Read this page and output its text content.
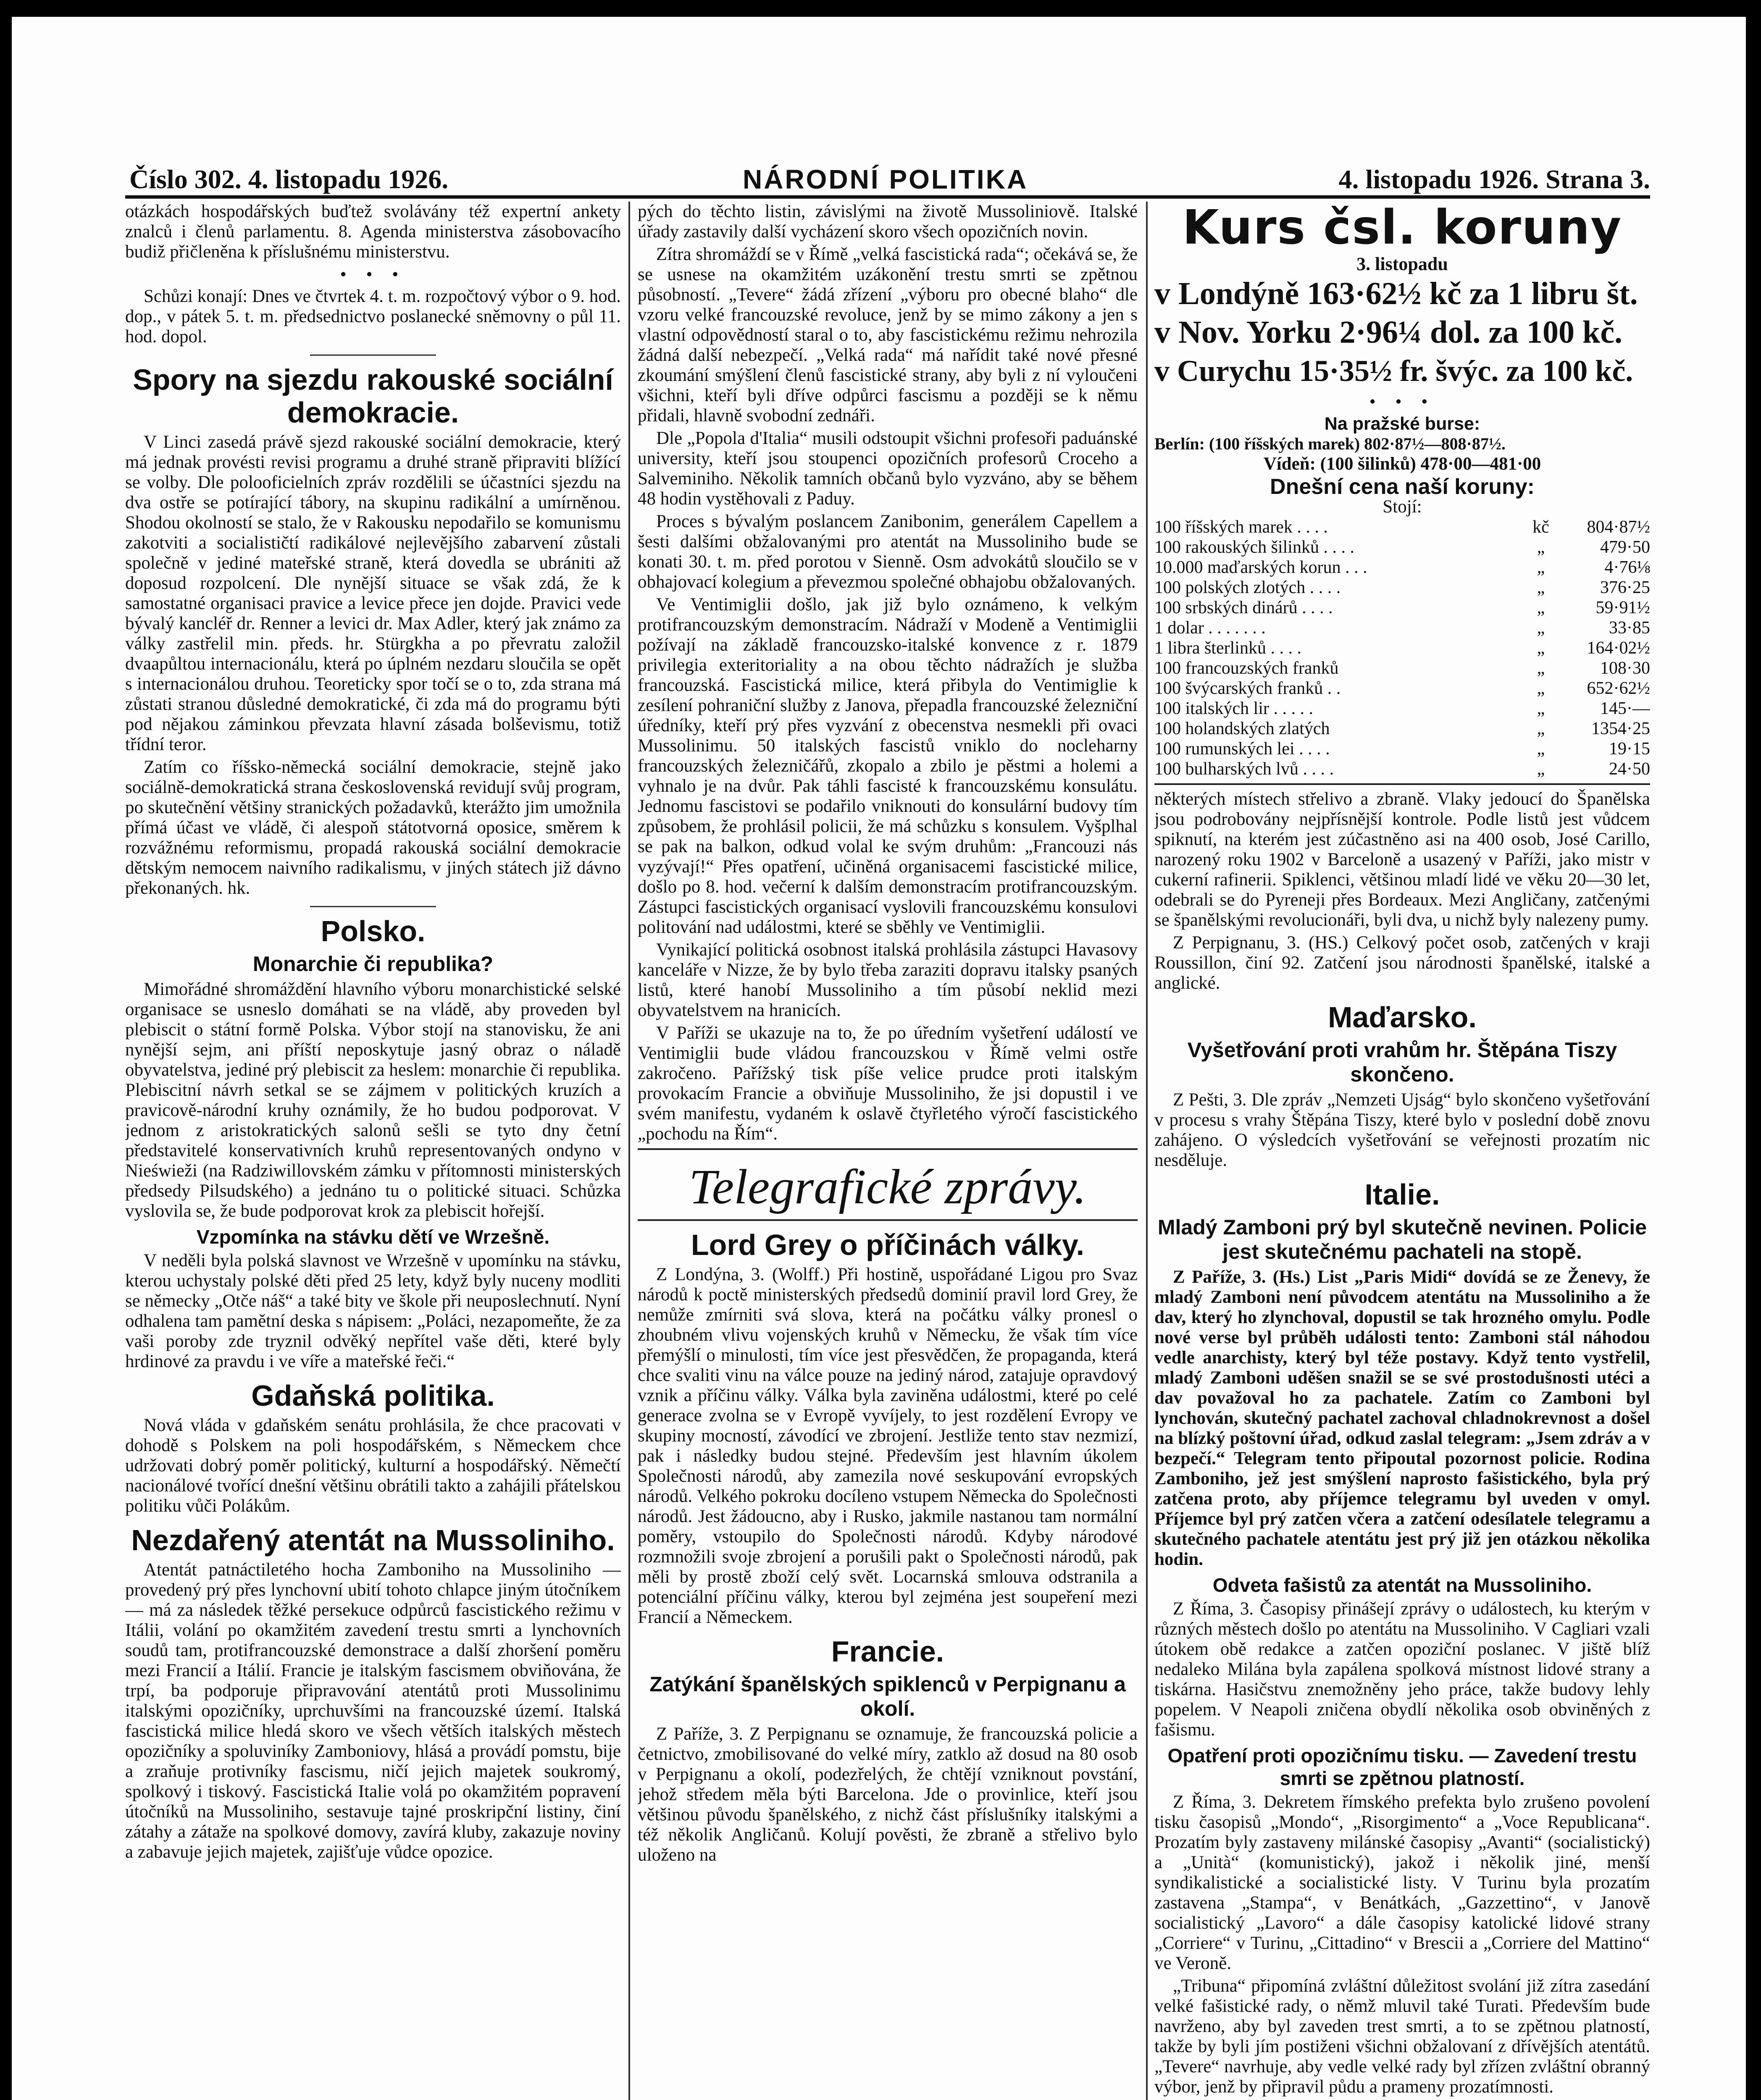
Číslo 302. 4. listopadu 1926.	NÁRODNÍ POLITIKA	4. listopadu 1926. Strana 3.

otázkách hospodářských buďtež svolávány též expertní ankety znalců i členů parlamentu. 8. Agenda ministerstva zásobovacího budiž přičleněna k příslušnému ministerstvu.

• • •

Schůzi konají: Dnes ve čtvrtek 4. t. m. rozpočtový výbor o 9. hod. dop., v pátek 5. t. m. předsednictvo poslanecké sněmovny o půl 11. hod. dopol.

Spory na sjezdu rakouské sociální demokracie.

V Linci zasedá právě sjezd rakouské sociální demokracie, který má jednak provésti revisi programu a druhé straně připraviti blížící se volby. Dle polooficielních zpráv rozdělili se účastníci sjezdu na dva ostře se potírající tábory, na skupinu radikální a umírněnou. Shodou okolností se stalo, že v Rakousku nepodařilo se komunismu zakotviti a socialističtí radikálové nejlevějšího zabarvení zůstali společně v jediné mateřské straně, která dovedla se ubrániti až doposud rozpolcení. Dle nynější situace se však zdá, že k samostatné organisaci pravice a levice přece jen dojde. Pravici vede bývalý kancléř dr. Renner a levici dr. Max Adler, který jak známo za války zastřelil min. předs. hr. Stürgkha a po převratu založil dvaapůltou internacionálu, která po úplném nezdaru sloučila se opět s internacionálou druhou. Teoreticky spor točí se o to, zda strana má zůstati stranou důsledné demokratické, či zda má do programu býti pod nějakou záminkou převzata hlavní zásada bolševismu, totiž třídní teror.

Zatím co říšsko-německá sociální demokracie, stejně jako sociálně-demokratická strana československá revidují svůj program, po skutečnění většiny stranických požadavků, kterážto jim umožnila přímá účast ve vládě, či alespoň státotvorná oposice, směrem k rozvážnému reformismu, propadá rakouská sociální demokracie dětským nemocem naivního radikalismu, v jiných státech již dávno překonaných. hk.

Polsko.
Monarchie či republika?

Mimořádné shromáždění hlavního výboru monarchistické selské organisace se usneslo domáhati se na vládě, aby proveden byl plebiscit o státní formě Polska. Výbor stojí na stanovisku, že ani nynější sejm, ani příští neposkytuje jasný obraz o náladě obyvatelstva, jediné prý plebiscit za heslem: monarchie či republika. Plebiscitní návrh setkal se se zájmem v politických kruzích a pravicově-národní kruhy oznámily, že ho budou podporovat. V jednom z aristokratických salonů sešli se tyto dny četní představitelé konservativních kruhů representovaných ondyno v Nieświeži (na Radziwillovském zámku v přítomnosti ministerských předsedy Pilsudského) a jednáno tu o politické situaci. Schůzka vyslovila se, že bude podporovat krok za plebiscit hořejší.

Vzpomínka na stávku dětí ve Wrzešně.

V neděli byla polská slavnost ve Wrzešně v upomínku na stávku, kterou uchystaly polské děti před 25 lety, když byly nuceny modliti se německy „Otče náš“ a také bity ve škole při neuposlechnutí. Nyní odhalena tam pamětní deska s nápisem: „Poláci, nezapomeňte, že za vaši poroby zde tryznil odvěký nepřítel vaše děti, které byly hrdinové za pravdu i ve víře a mateřské řeči.“

Gdaňská politika.

Nová vláda v gdaňském senátu prohlásila, že chce pracovati v dohodě s Polskem na poli hospodářském, s Německem chce udržovati dobrý poměr politický, kulturní a hospodářský. Němečtí nacionálové tvořící dnešní většinu obrátili takto a zahájili přátelskou politiku vůči Polákům.

Nezdařený atentát na Mussoliniho.

Atentát patnáctiletého hocha Zamboniho na Mussoliniho — provedený prý přes lynchovní ubití tohoto chlapce jiným útočníkem — má za následek těžké persekuce odpůrců fascistického režimu v Itálii, volání po okamžitém zavedení trestu smrti a lynchovních soudů tam, protifrancouzské demonstrace a další zhoršení poměru mezi Francií a Itálií. Francie je italským fascismem obviňována, že trpí, ba podporuje připravování atentátů proti Mussolinimu italskými opozičníky, uprchuvšími na francouzské území. Italská fascistická milice hledá skoro ve všech větších italských městech opozičníky a spoluviníky Zamboniovy, hlásá a provádí pomstu, bije a zraňuje protivníky fascismu, ničí jejich majetek soukromý, spolkový i tiskový. Fascistická Italie volá po okamžitém popravení útočníků na Mussoliniho, sestavuje tajné proskripční listiny, činí zátahy a zátaže na spolkové domovy, zavírá kluby, zakazuje noviny a zabavuje jejich majetek, zajišťuje vůdce opozice.

pých do těchto listin, závislými na životě Mussoliniově. Italské úřady zastavily další vycházení skoro všech opozičních novin.

Zítra shromáždí se v Římě „velká fascistická rada“; očekává se, že se usnese na okamžitém uzákonění trestu smrti se zpětnou působností. „Tevere“ žádá zřízení „výboru pro obecné blaho“ dle vzoru velké francouzské revoluce, jenž by se mimo zákony a jen s vlastní odpovědností staral o to, aby fascistickému režimu nehrozila žádná další nebezpečí. „Velká rada“ má nařídit také nové přesné zkoumání smýšlení členů fascistické strany, aby byli z ní vyloučeni všichni, kteří byli dříve odpůrci fascismu a později se k němu přidali, hlavně svobodní zednáři.

Dle „Popola d'Italia“ musili odstoupit všichni profesoři paduánské university, kteří jsou stoupenci opozičních profesorů Croceho a Salveminiho. Několik tamních občanů bylo vyzváno, aby se během 48 hodin vystěhovali z Paduy.

Proces s bývalým poslancem Zanibonim, generálem Capellem a šesti dalšími obžalovanými pro atentát na Mussoliniho bude se konati 30. t. m. před porotou v Sienně. Osm advokátů sloučilo se v obhajovací kolegium a převezmou společné obhajobu obžalovaných.

Ve Ventimiglii došlo, jak již bylo oznámeno, k velkým protifrancouzským demonstracím. Nádraží v Modeně a Ventimiglii požívají na základě francouzsko-italské konvence z r. 1879 privilegia exteritoriality a na obou těchto nádražích je služba francouzská. Fascistická milice, která přibyla do Ventimiglie k zesílení pohraniční služby z Janova, přepadla francouzské železniční úředníky, kteří prý přes vyzvání z obecenstva nesmekli při ovaci Mussolinimu. 50 italských fascistů vniklo do nocleharny francouzských železničářů, zkopalo a zbilo je pěstmi a holemi a vyhnalo je na dvůr. Pak táhli fascisté k francouzskému konsulátu. Jednomu fascistovi se podařilo vniknouti do konsulární budovy tím způsobem, že prohlásil policii, že má schůzku s konsulem. Vyšplhal se pak na balkon, odkud volal ke svým druhům: „Francouzi nás vyzývají!“ Přes opatření, učiněná organisacemi fascistické milice, došlo po 8. hod. večerní k dalším demonstracím protifrancouzským. Zástupci fascistických organisací vyslovili francouzskému konsulovi politování nad událostmi, které se sběhly ve Ventimiglii.

Vynikající politická osobnost italská prohlásila zástupci Havasovy kanceláře v Nizze, že by bylo třeba zaraziti dopravu italsky psaných listů, které hanobí Mussoliniho a tím působí neklid mezi obyvatelstvem na hranicích.

V Paříži se ukazuje na to, že po úředním vyšetření událostí ve Ventimiglii bude vládou francouzskou v Římě velmi ostře zakročeno. Pařížský tisk píše velice prudce proti italským provokacím Francie a obviňuje Mussoliniho, že jsi dopustil i ve svém manifestu, vydaném k oslavě čtyřletého výročí fascistického „pochodu na Řím“.

Telegrafické zprávy.
Lord Grey o příčinách války.

Z Londýna, 3. (Wolff.) Při hostině, uspořádané Ligou pro Svaz národů k poctě ministerských předsedů dominií pravil lord Grey, že nemůže zmírniti svá slova, která na počátku války pronesl o zhoubném vlivu vojenských kruhů v Německu, že však tím více přemýšlí o minulosti, tím více jest přesvědčen, že propaganda, která chce svaliti vinu na válce pouze na jediný národ, zatajuje opravdový vznik a příčinu války. Válka byla zaviněna událostmi, které po celé generace zvolna se v Evropě vyvíjely, to jest rozdělení Evropy ve skupiny mocností, závodící ve zbrojení. Jestliže tento stav nezmizí, pak i následky budou stejné. Především jest hlavním úkolem Společnosti národů, aby zamezila nové seskupování evropských národů. Velkého pokroku docíleno vstupem Německa do Společnosti národů. Jest žádoucno, aby i Rusko, jakmile nastanou tam normální poměry, vstoupilo do Společnosti národů. Kdyby národové rozmnožili svoje zbrojení a porušili pakt o Společnosti národů, pak měli by prostě zboží celý svět. Locarnská smlouva odstranila a potenciální příčinu války, kterou byl zejména jest soupeření mezi Francií a Německem.

Francie.
Zatýkání španělských spiklenců v Perpignanu a okolí.

Z Paříže, 3. Z Perpignanu se oznamuje, že francouzská policie a četnictvo, zmobilisované do velké míry, zatklo až dosud na 80 osob v Perpignanu a okolí, podezřelých, že chtějí vzniknout povstání, jehož středem měla býti Barcelona. Jde o provinlice, kteří jsou většinou původu španělského, z nichž část příslušníky italskými a též několik Angličanů. Kolují pověsti, že zbraně a střelivo bylo uloženo na

Kurs čsl. koruny
3. listopadu
v Londýně 163·62½ kč za 1 libru št.
v Nov. Yorku 2·96¼ dol. za 100 kč.
v Curychu 15·35½ fr. švýc. za 100 kč.
• • •
Na pražské burse:
Berlín: (100 říšských marek) 802·87½—808·87½.
Vídeň: (100 šilinků) 478·00—481·00
Dnešní cena naší koruny:
Stojí:
100 říšských marek . . . .	kč	804·87½
100 rakouských šilinků . . . .	„	479·50
10.000 maďarských korun . . .	„	4·76⅛
100 polských zlotých . . . .	„	376·25
100 srbských dinárů . . . .	„	59·91½
1 dolar . . . . . . .	„	33·85
1 libra šterlinků . . . .	„	164·02½
100 francouzských franků	„	108·30
100 švýcarských franků . .	„	652·62½
100 italských lir . . . . .	„	145·—
100 holandských zlatých	„	1354·25
100 rumunských lei . . . .	„	19·15
100 bulharských lvů . . . .	„	24·50

některých místech střelivo a zbraně. Vlaky jedoucí do Španělska jsou podrobovány nejpřísnější kontrole. Podle listů jest vůdcem spiknutí, na kterém jest zúčastněno asi na 400 osob, José Carillo, narozený roku 1902 v Barceloně a usazený v Paříži, jako mistr v cukerní rafinerii. Spiklenci, většinou mladí lidé ve věku 20—30 let, odebrali se do Pyreneji přes Bordeaux. Mezi Angličany, zatčenými se španělskými revolucionáři, byli dva, u nichž byly nalezeny pumy.

Z Perpignanu, 3. (HS.) Celkový počet osob, zatčených v kraji Roussillon, činí 92. Zatčení jsou národnosti španělské, italské a anglické.

Maďarsko.
Vyšetřování proti vrahům hr. Štěpána Tiszy skončeno.

Z Pešti, 3. Dle zpráv „Nemzeti Ujság“ bylo skončeno vyšetřování v procesu s vrahy Štěpána Tiszy, které bylo v poslední době znovu zahájeno. O výsledcích vyšetřování se veřejnosti prozatím nic nesděluje.

Italie.
Mladý Zamboni prý byl skutečně nevinen. Policie jest skutečnému pachateli na stopě.

Z Paříže, 3. (Hs.) List „Paris Midi“ dovídá se ze Ženevy, že mladý Zamboni není původcem atentátu na Mussoliniho a že dav, který ho zlynchoval, dopustil se tak hrozného omylu. Podle nové verse byl průběh události tento: Zamboni stál náhodou vedle anarchisty, který byl téže postavy. Když tento vystřelil, mladý Zamboni uděšen snažil se se své prostodušnosti utéci a dav považoval ho za pachatele. Zatím co Zamboni byl lynchován, skutečný pachatel zachoval chladnokrevnost a došel na blízký poštovní úřad, odkud zaslal telegram: „Jsem zdráv a v bezpečí.“ Telegram tento připoutal pozornost policie. Rodina Zamboniho, jež jest smýšlení naprosto fašistického, byla prý zatčena proto, aby příjemce telegramu byl uveden v omyl. Příjemce byl prý zatčen včera a zatčení odesílatele telegramu a skutečného pachatele atentátu jest prý již jen otázkou několika hodin.

Odveta fašistů za atentát na Mussoliniho.

Z Říma, 3. Časopisy přinášejí zprávy o událostech, ku kterým v různých městech došlo po atentátu na Mussoliniho. V Cagliari vzali útokem obě redakce a zatčen opoziční poslanec. V jiště blíž nedaleko Milána byla zapálena spolková místnost lidové strany a tiskárna. Hasičstvu znemožněny jeho práce, takže budovy lehly popelem. V Neapoli zničena obydlí několika osob obviněných z fašismu.

Opatření proti opozičnímu tisku. — Zavedení trestu smrti se zpětnou platností.

Z Říma, 3. Dekretem římského prefekta bylo zrušeno povolení tisku časopisů „Mondo“, „Risorgimento“ a „Voce Republicana“. Prozatím byly zastaveny milánské časopisy „Avanti“ (socialistický) a „Unità“ (komunistický), jakož i několik jiné, menší syndikalistické a socialistické listy. V Turinu byla prozatím zastavena „Stampa“, v Benátkách, „Gazzettino“, v Janově socialistický „Lavoro“ a dále časopisy katolické lidové strany „Corriere“ v Turinu, „Cittadino“ v Brescii a „Corriere del Mattino“ ve Veroně.

„Tribuna“ připomíná zvláštní důležitost svolání již zítra zasedání velké fašistické rady, o němž mluvil také Turati. Především bude navrženo, aby byl zaveden trest smrti, a to se zpětnou platností, takže by byli jím postiženi všichni obžalovaní z dřívějších atentátů. „Tevere“ navrhuje, aby vedle velké rady byl zřízen zvláštní obranný výbor, jenž by připravil půdu a prameny prozatímnosti.
